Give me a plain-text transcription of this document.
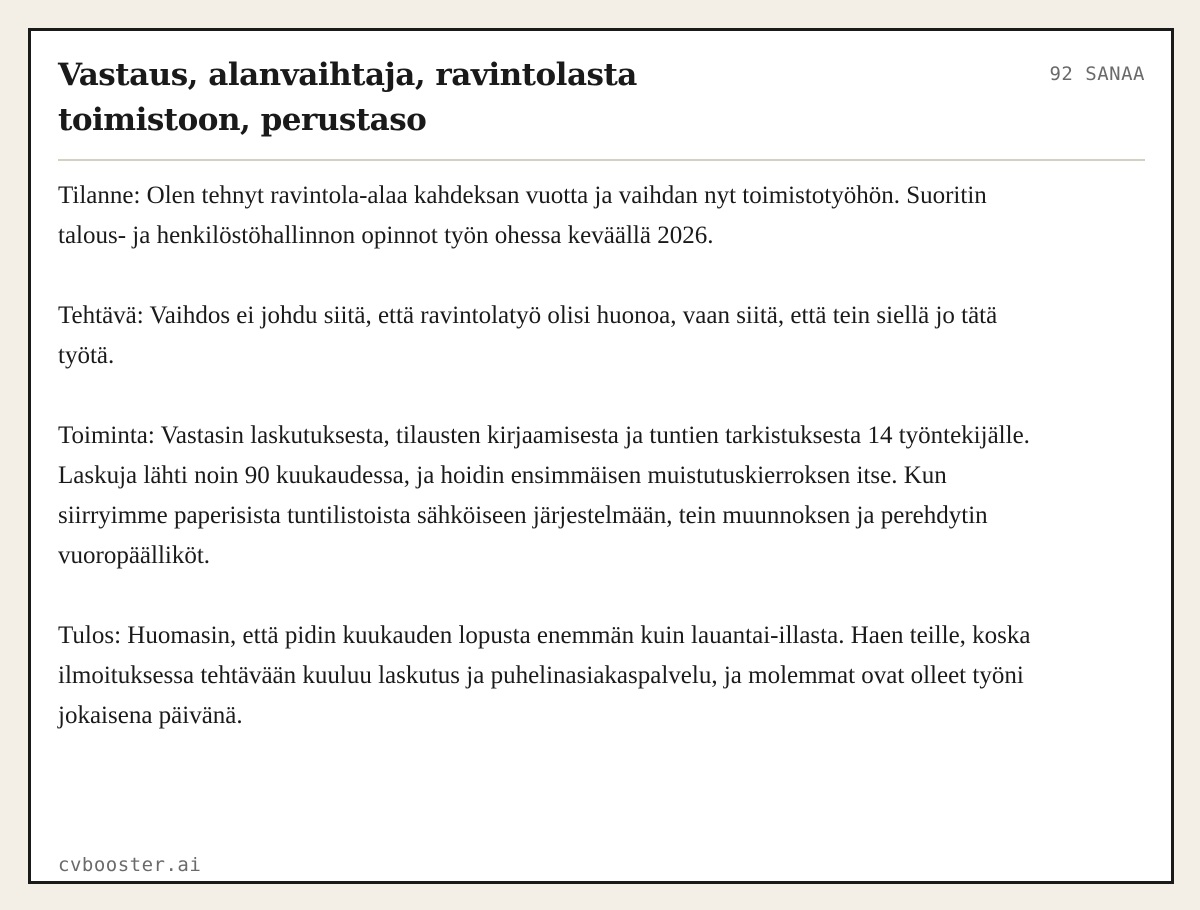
Vastaus, alanvaihtaja, ravintolasta toimistoon, perustaso
92 SANAA

Tilanne: Olen tehnyt ravintola-alaa kahdeksan vuotta ja vaihdan nyt toimistotyöhön. Suoritin talous- ja henkilöstöhallinnon opinnot työn ohessa keväällä 2026.

Tehtävä: Vaihdos ei johdu siitä, että ravintolatyö olisi huonoa, vaan siitä, että tein siellä jo tätä työtä.

Toiminta: Vastasin laskutuksesta, tilausten kirjaamisesta ja tuntien tarkistuksesta 14 työntekijälle. Laskuja lähti noin 90 kuukaudessa, ja hoidin ensimmäisen muistutuskierroksen itse. Kun siirryimme paperisista tuntilistoista sähköiseen järjestelmään, tein muunnoksen ja perehdytin vuoropäälliköt.

Tulos: Huomasin, että pidin kuukauden lopusta enemmän kuin lauantai-illasta. Haen teille, koska ilmoituksessa tehtävään kuuluu laskutus ja puhelinasiakaspalvelu, ja molemmat ovat olleet työni jokaisena päivänä.

cvbooster.ai
